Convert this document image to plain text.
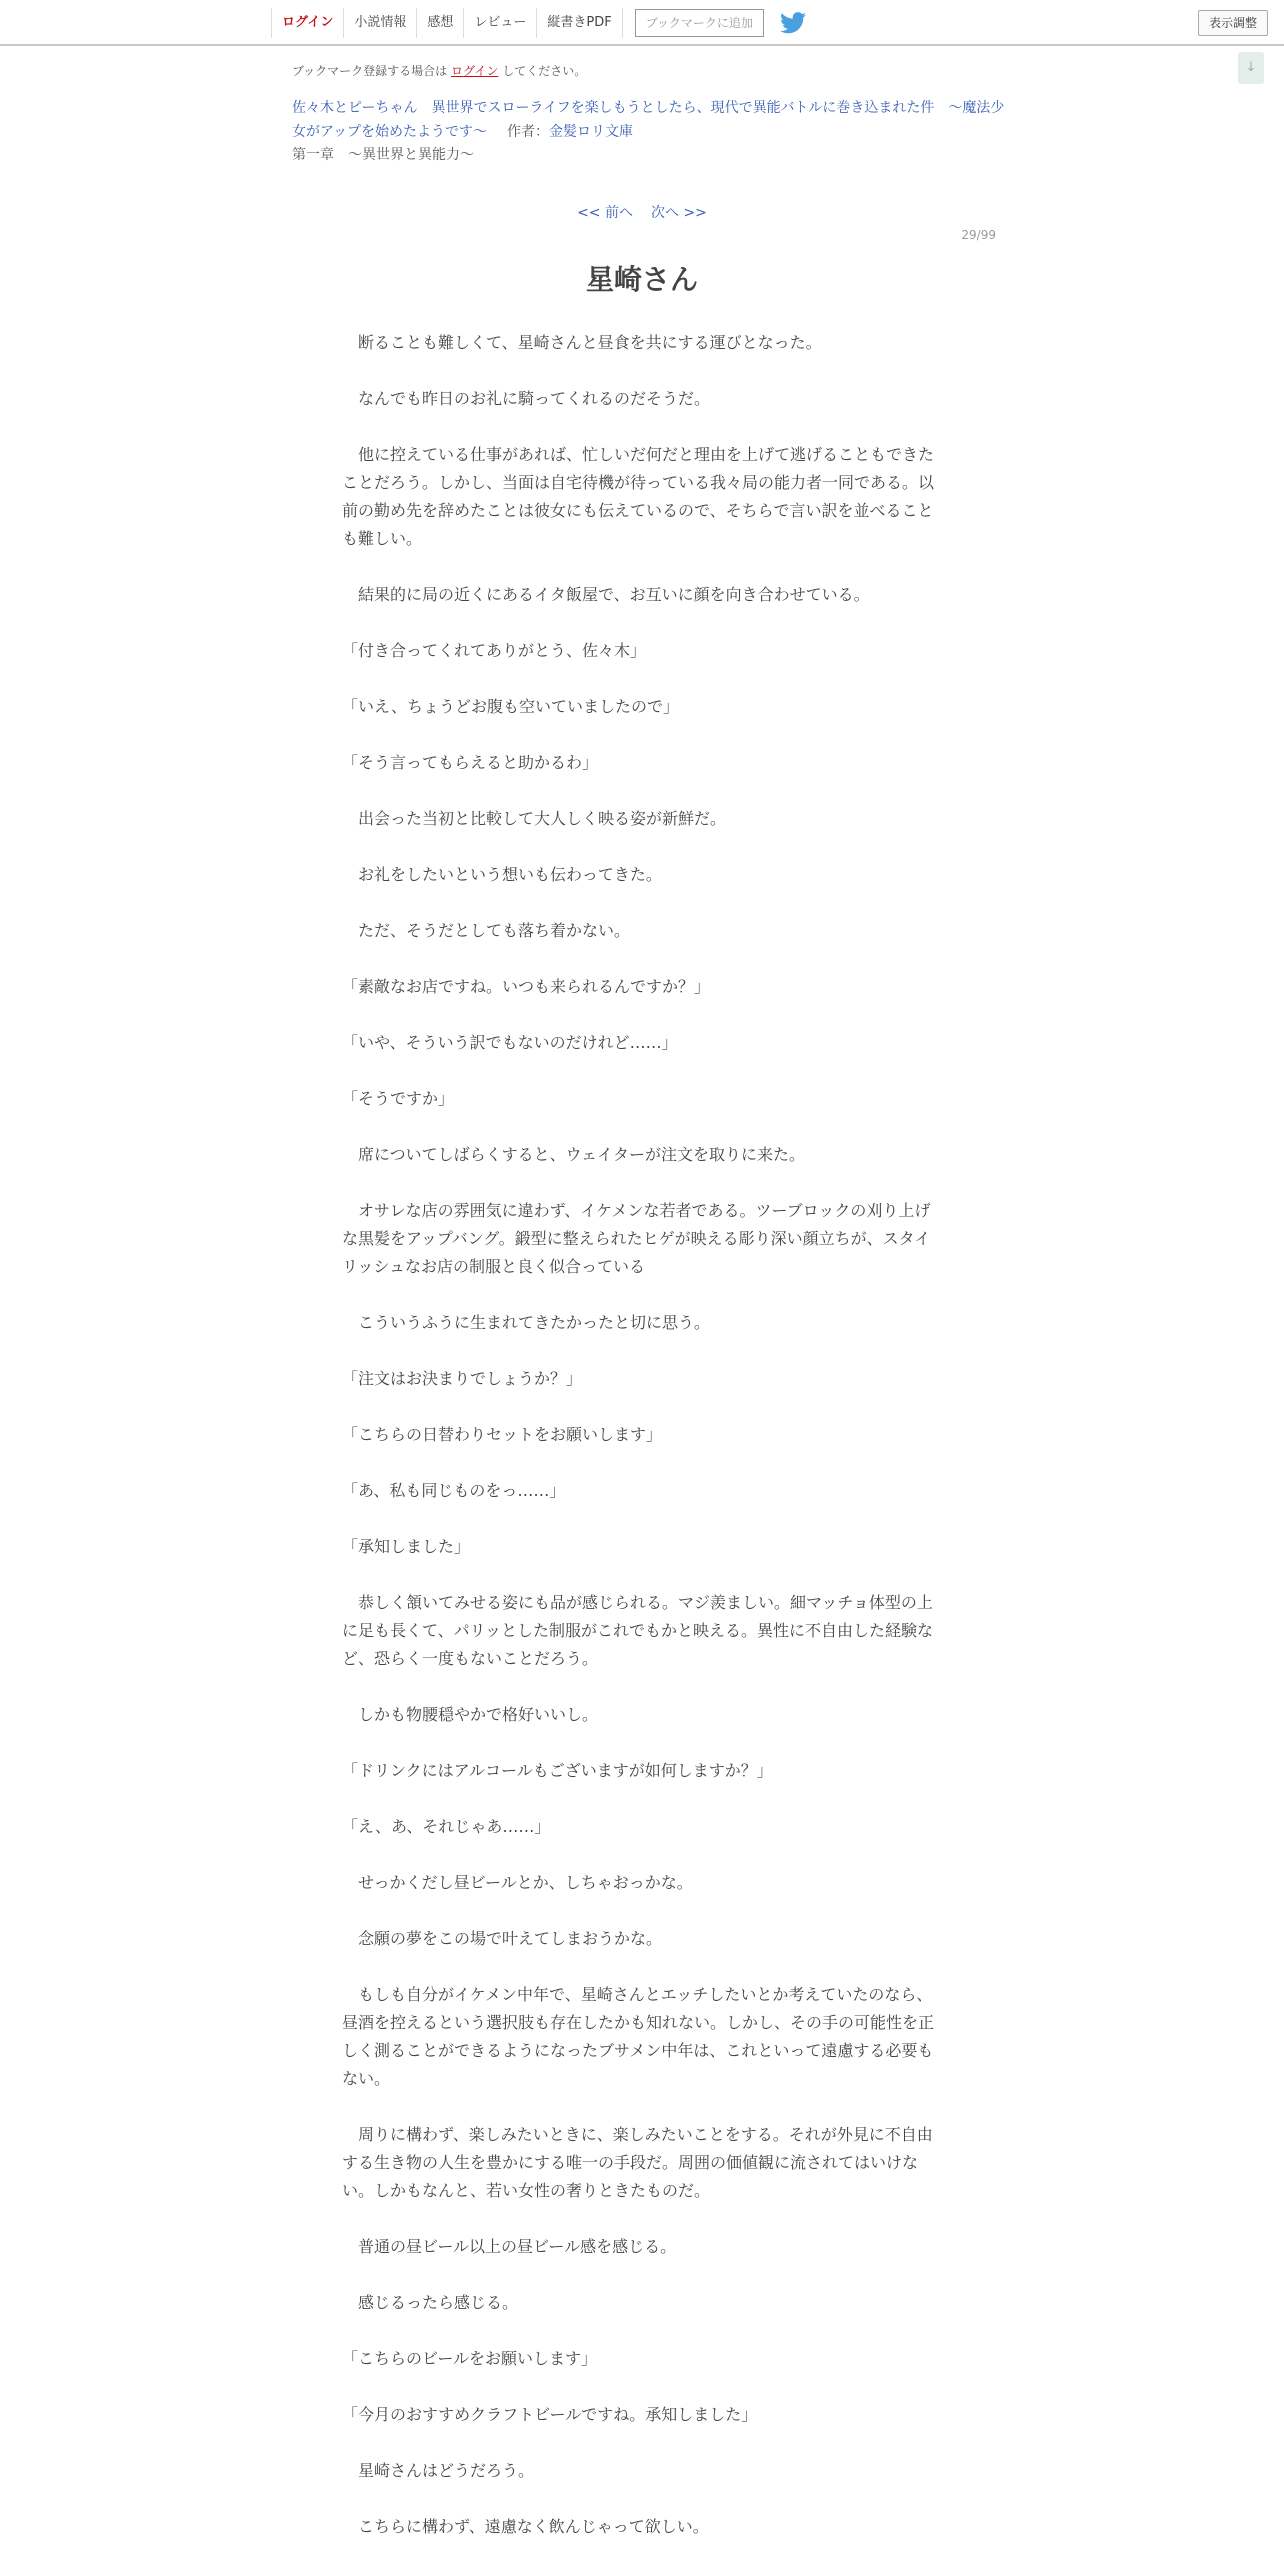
ログイン	小説情報	感想	レビュー	縦書きPDF	ブックマークに追加	表示調整
↓
ブックマーク登録する場合は ログイン してください。
佐々木とピーちゃん　異世界でスローライフを楽しもうとしたら、現代で異能バトルに巻き込まれた件　～魔法少女がアップを始めたようです～ 作者：金髪ロリ文庫
第一章　～異世界と異能力～
<< 前へ 次へ >>
29/99
星崎さん

　断ることも難しくて、星崎さんと昼食を共にする運びとなった。

　なんでも昨日のお礼に騎ってくれるのだそうだ。

　他に控えている仕事があれば、忙しいだ何だと理由を上げて逃げることもできたことだろう。しかし、当面は自宅待機が待っている我々局の能力者一同である。以前の勤め先を辞めたことは彼女にも伝えているので、そちらで言い訳を並べることも難しい。

　結果的に局の近くにあるイタ飯屋で、お互いに顔を向き合わせている。

「付き合ってくれてありがとう、佐々木」

「いえ、ちょうどお腹も空いていましたので」

「そう言ってもらえると助かるわ」

　出会った当初と比較して大人しく映る姿が新鮮だ。

　お礼をしたいという想いも伝わってきた。

　ただ、そうだとしても落ち着かない。

「素敵なお店ですね。いつも来られるんですか？」

「いや、そういう訳でもないのだけれど……」

「そうですか」

　席についてしばらくすると、ウェイターが注文を取りに来た。

　オサレな店の雰囲気に違わず、イケメンな若者である。ツーブロックの刈り上げな黒髪をアップバング。鍛型に整えられたヒゲが映える彫り深い顔立ちが、スタイリッシュなお店の制服と良く似合っている

　こういうふうに生まれてきたかったと切に思う。

「注文はお決まりでしょうか？」

「こちらの日替わりセットをお願いします」

「あ、私も同じものをっ……」

「承知しました」

　恭しく頷いてみせる姿にも品が感じられる。マジ羨ましい。細マッチョ体型の上に足も長くて、パリッとした制服がこれでもかと映える。異性に不自由した経験など、恐らく一度もないことだろう。

　しかも物腰穏やかで格好いいし。

「ドリンクにはアルコールもございますが如何しますか？」

「え、あ、それじゃあ……」

　せっかくだし昼ビールとか、しちゃおっかな。

　念願の夢をこの場で叶えてしまおうかな。

　もしも自分がイケメン中年で、星崎さんとエッチしたいとか考えていたのなら、昼酒を控えるという選択肢も存在したかも知れない。しかし、その手の可能性を正しく測ることができるようになったブサメン中年は、これといって遠慮する必要もない。

　周りに構わず、楽しみたいときに、楽しみたいことをする。それが外見に不自由する生き物の人生を豊かにする唯一の手段だ。周囲の価値観に流されてはいけない。しかもなんと、若い女性の奢りときたものだ。

　普通の昼ビール以上の昼ビール感を感じる。

　感じるったら感じる。

「こちらのビールをお願いします」

「今月のおすすめクラフトビールですね。承知しました」

　星崎さんはどうだろう。

　こちらに構わず、遠慮なく飲んじゃって欲しい。
